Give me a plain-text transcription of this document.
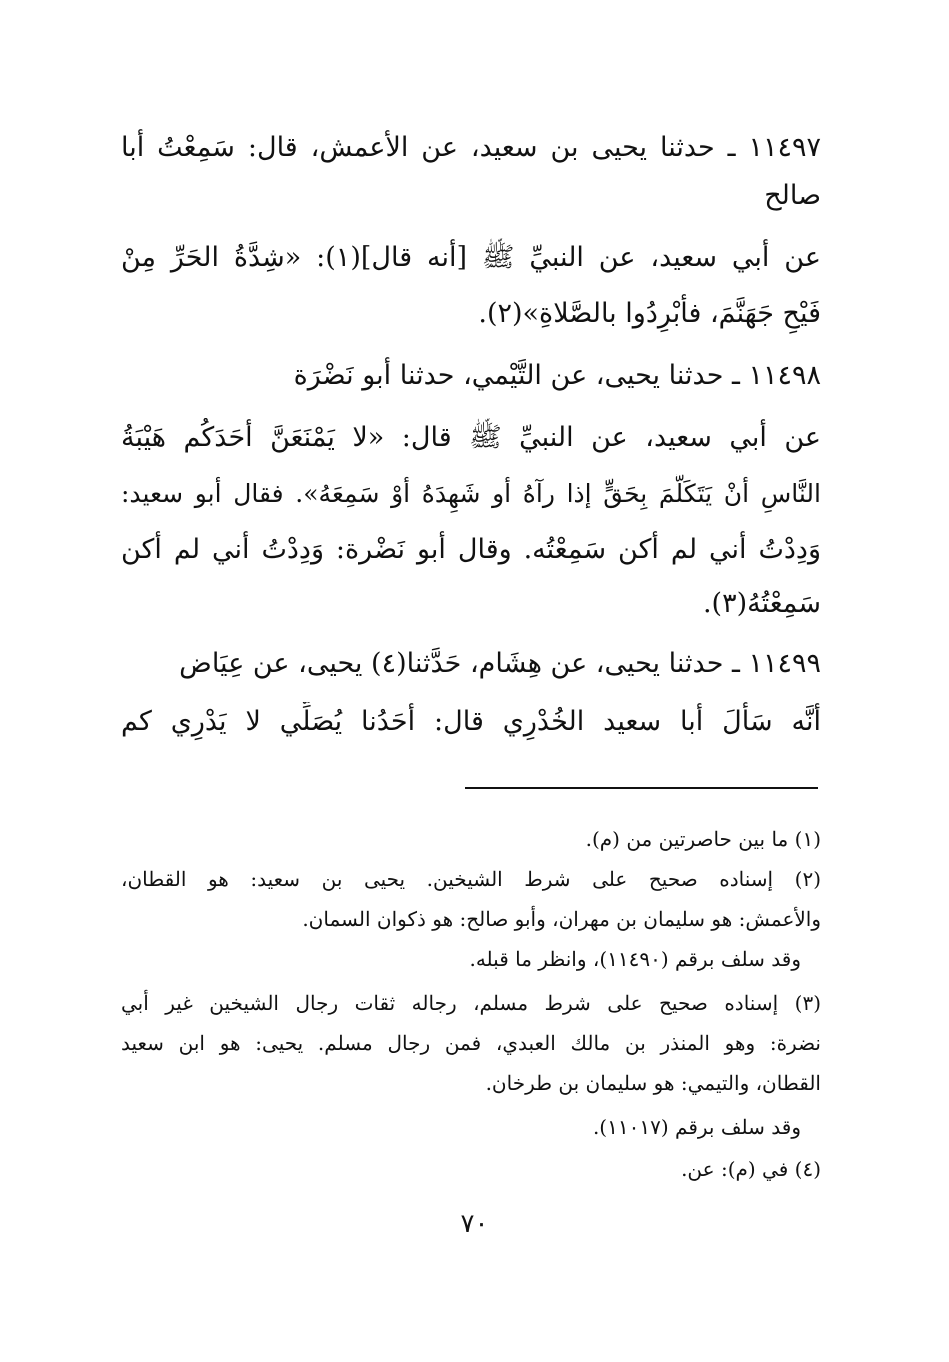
١١٤٩٧ ـ حدثنا يحيى بن سعيد، عن الأعمش، قال: سَمِعْتُ أبا
صالح
عن أبي سعيد، عن النبيِّ ﷺ [أنه قال](١): «شِدَّةُ الحَرِّ مِنْ
فَيْحِ جَهَنَّمَ، فأبْرِدُوا بالصَّلاةِ»(٢).
١١٤٩٨ ـ حدثنا يحيى، عن التَّيْمي، حدثنا أبو نَضْرَة
عن أبي سعيد، عن النبيِّ ﷺ قال: «لا يَمْنَعَنَّ أَحَدَكُم هَيْبَةُ
النَّاسِ أنْ يَتَكَلَّمَ بِحَقٍّ إذا رآهُ أو شَهِدَهُ أوْ سَمِعَهُ». فقال أبو سعيد:
وَدِدْتُ أني لم أكن سَمِعْتُه. وقال أبو نَضْرة: وَدِدْتُ أني لم أكن
سَمِعْتُهُ(٣).
١١٤٩٩ ـ حدثنا يحيى، عن هِشَام، حَدَّثنا(٤) يحيى، عن عِيَاض
أنَّه سَأَلَ أبا سعيد الخُدْرِي قال: أَحَدُنا يُصَلِّي لا يَدْرِي كم
(١) ما بين حاصرتين من (م).
(٢) إسناده صحيح على شرط الشيخين. يحيى بن سعيد: هو القطان،
والأعمش: هو سليمان بن مهران، وأبو صالح: هو ذكوان السمان.
وقد سلف برقم (١١٤٩٠)، وانظر ما قبله.
(٣) إسناده صحيح على شرط مسلم، رجاله ثقات رجال الشيخين غير أبي
نضرة: وهو المنذر بن مالك العبدي، فمن رجال مسلم. يحيى: هو ابن سعيد
القطان، والتيمي: هو سليمان بن طرخان.
وقد سلف برقم (١١٠١٧).
(٤) في (م): عن.
٧٠
